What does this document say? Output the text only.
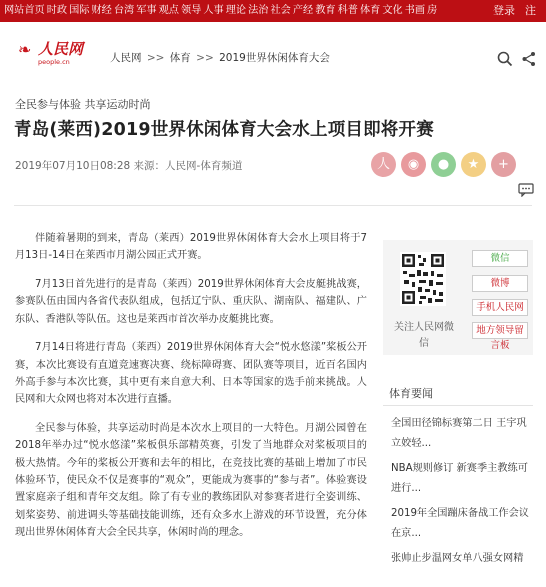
网站首页 时政 国际 财经 台湾 军事 观点 领导 人事 理论 法治 社会 产经 教育 科普 体育 文化 书画 房	登录 注
❧ 人民网
people.cn	人民网 >> 体育 >> 2019世界休闲体育大会
全民参与体验 共享运动时尚
青岛(莱西)2019世界休闲体育大会水上项目即将开赛
2019年07月10日08:28 来源：人民网-体育频道	人	◉	●	★	+

伴随着暑期的到来，青岛（莱西）2019世界休闲体育大会水上项目将于7月13日-14日在莱西市月湖公园正式开赛。

7月13日首先进行的是青岛（莱西）2019世界休闲体育大会皮艇挑战赛，参赛队伍由国内各省代表队组成，包括辽宁队、重庆队、湖南队、福建队、广东队、香港队等队伍。这也是莱西市首次举办皮艇挑比赛。

7月14日将进行青岛（莱西）2019世界休闲体育大会“悦水悠漾”桨板公开赛，本次比赛设有直道竞速赛决赛、绕标障碍赛、团队赛等项目，近百名国内外高手参与本次比赛，其中更有来自意大利、日本等国家的选手前来挑战。人民网和大众网也将对本次进行直播。

全民参与体验，共享运动时尚是本次水上项目的一大特色。月湖公园曾在2018年举办过“悦水悠漾”桨板俱乐部精英赛，引发了当地群众对桨板项目的极大热情。今年的桨板公开赛和去年的相比，在竞技比赛的基础上增加了市民体验环节，使民众不仅是赛事的“观众”，更能成为赛事的“参与者”。体验赛设置家庭亲子组和青年交友组。除了有专业的教练团队对参赛者进行全姿训练、划桨姿势、前进调头等基础技能训练，还有众多水上游戏的环节设置，充分体现出世界休闲体育大会全民共享，休闲时尚的理念。

关注人民网微信
微信
微博
手机人民网
地方领导留言板
体育要闻
全国田径锦标赛第二日 王宇巩立姣轻...
NBA规则修订 新赛季主教练可进行...
2019年全国蹦床备战工作会议在京...
张帅止步温网女单八强女网精
